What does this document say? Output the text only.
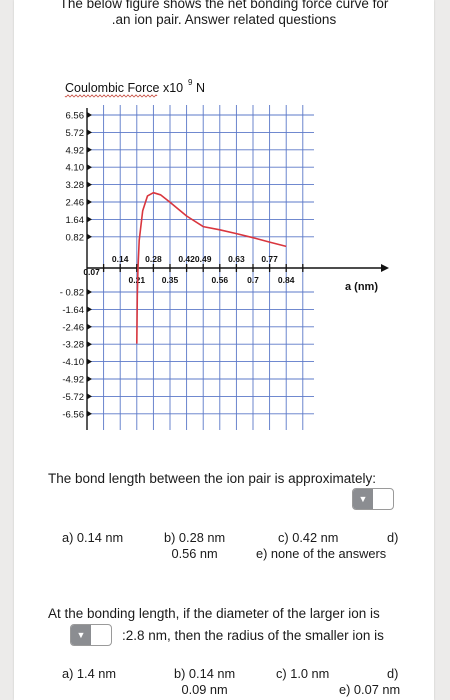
The below figure shows the net bonding force curve for
.an ion pair. Answer related questions
Coulombic Force x10 9 N
6.56
5.72
4.92
4.10
3.28
2.46
1.64
0.82
- 0.82
-1.64
-2.46
-3.28
-4.10
-4.92
-5.72
-6.56
a (nm)
0.14 0.28 0.42 0.49 0.63 0.77
0.07
0.21 0.35	0.56 0.7 0.84
The bond length between the ion pair is approximately:
▼
a) 0.14 nm	b) 0.28 nm
0.56 nm
c) 0.42 nm	d)
e) none of the answers
At the bonding length, if the diameter of the larger ion is
▼	:2.8 nm, then the radius of the smaller ion is
a) 1.4 nm	b) 0.14 nm
0.09 nm
c) 1.0 nm	d)
e) 0.07 nm
